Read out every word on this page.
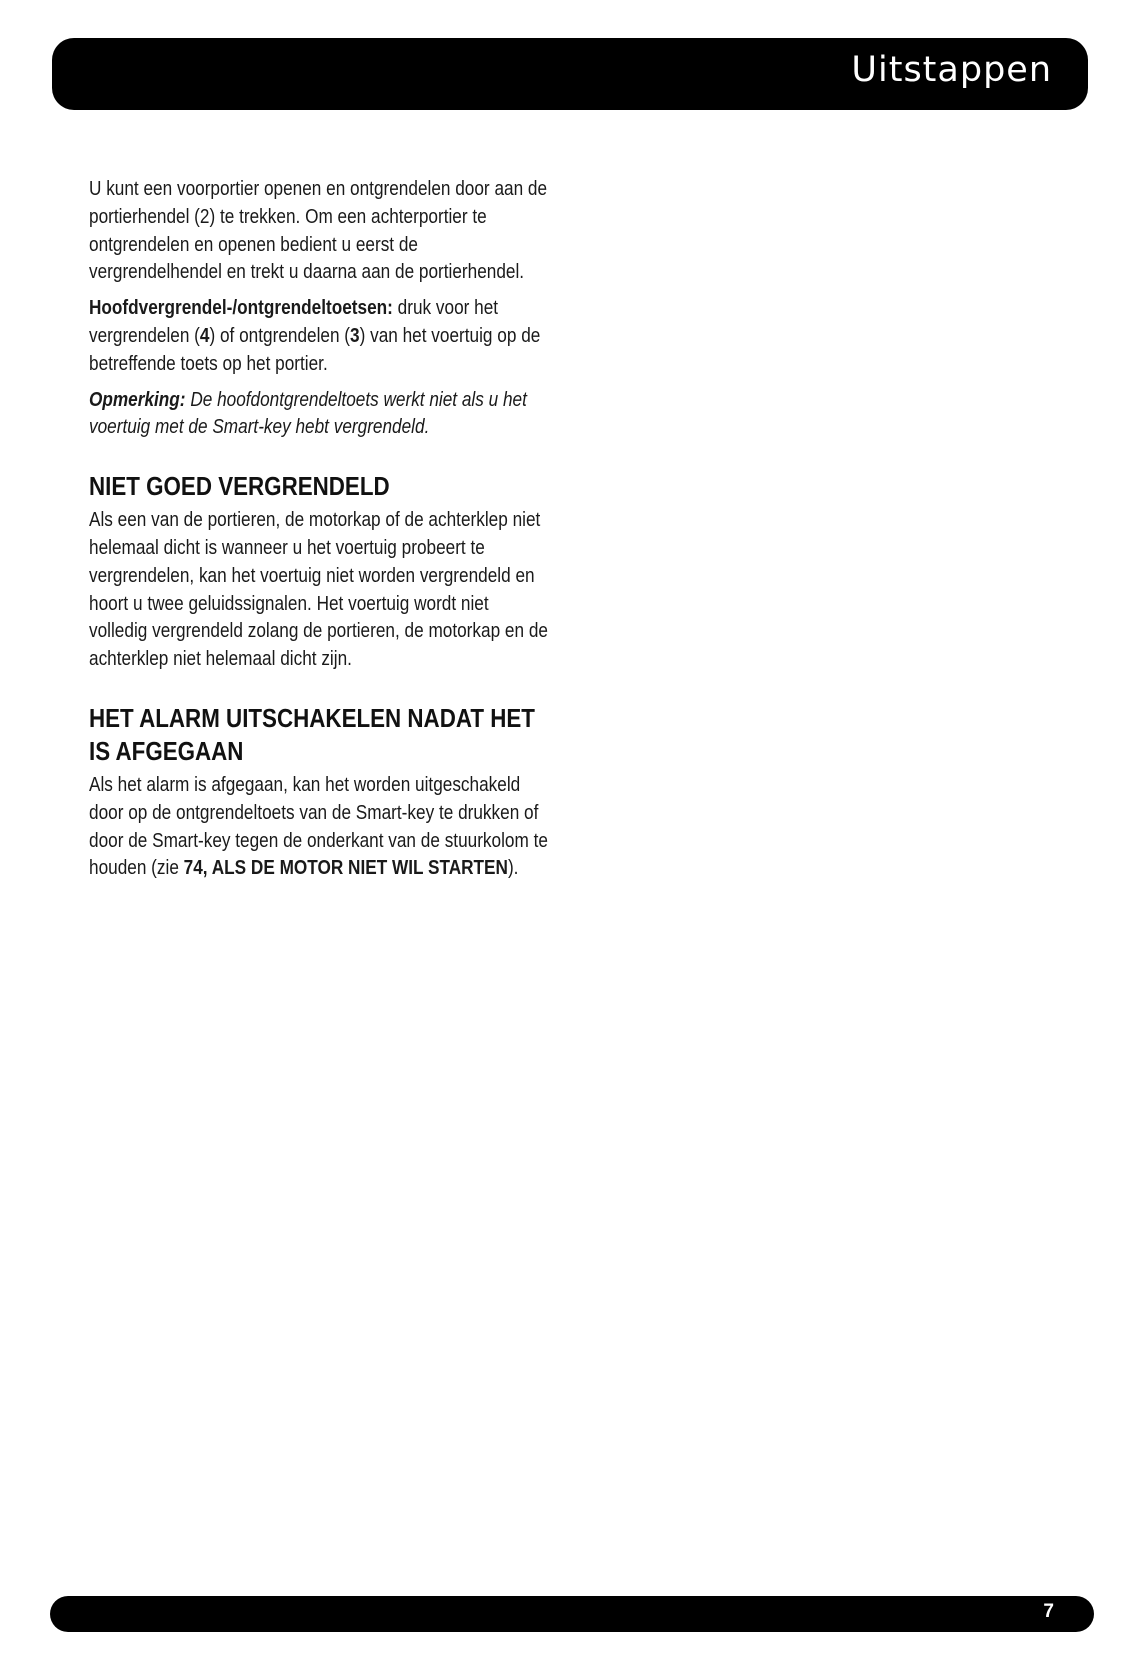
Uitstappen

U kunt een voorportier openen en ontgrendelen door aan de portierhendel (2) te trekken. Om een achterportier te ontgrendelen en openen bedient u eerst de vergrendelhendel en trekt u daarna aan de portierhendel.

Hoofdvergrendel-/ontgrendeltoetsen: druk voor het vergrendelen (4) of ontgrendelen (3) van het voertuig op de betreffende toets op het portier.

Opmerking: De hoofdontgrendeltoets werkt niet als u het voertuig met de Smart-key hebt vergrendeld.

NIET GOED VERGRENDELD

Als een van de portieren, de motorkap of de achterklep niet helemaal dicht is wanneer u het voertuig probeert te vergrendelen, kan het voertuig niet worden vergrendeld en hoort u twee geluidssignalen. Het voertuig wordt niet volledig vergrendeld zolang de portieren, de motorkap en de achterklep niet helemaal dicht zijn.

HET ALARM UITSCHAKELEN NADAT HET IS AFGEGAAN

Als het alarm is afgegaan, kan het worden uitgeschakeld door op de ontgrendeltoets van de Smart-key te drukken of door de Smart-key tegen de onderkant van de stuurkolom te houden (zie 74, ALS DE MOTOR NIET WIL STARTEN).

7
